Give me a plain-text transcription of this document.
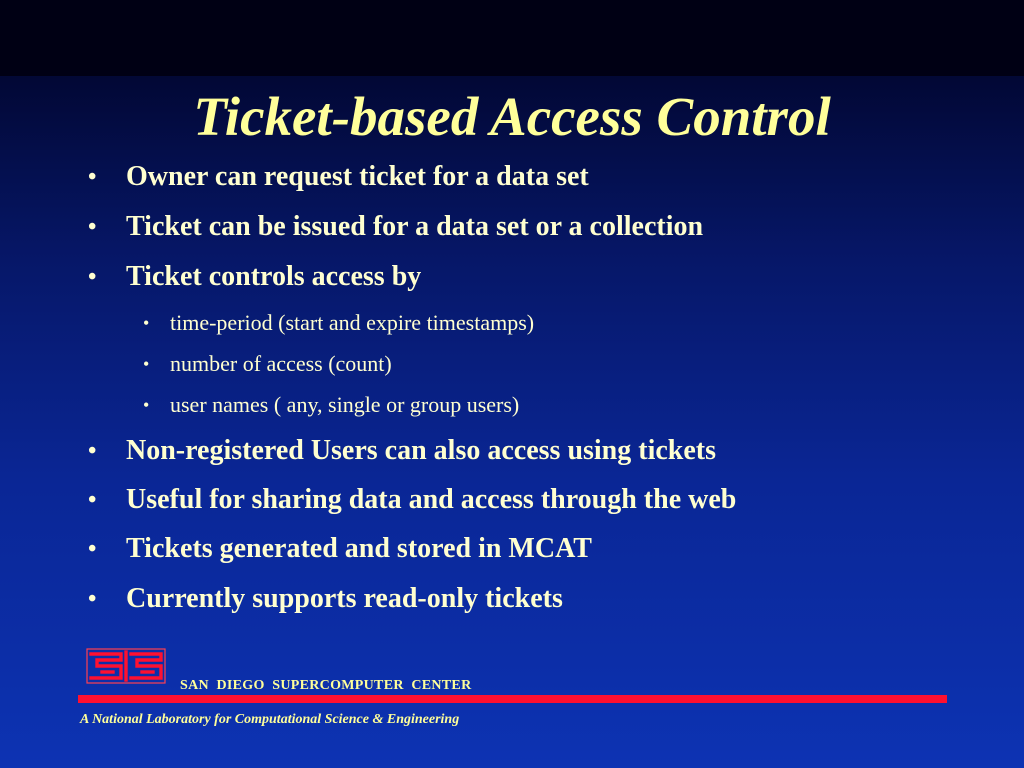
Ticket-based Access Control
• Owner can request ticket for a data set
• Ticket can be issued for a data set or a collection
• Ticket controls access by
• time-period (start and expire timestamps)
• number of access (count)
• user names ( any, single or group users)
• Non-registered Users can also access using tickets
• Useful for sharing data and access through the web
• Tickets generated and stored in MCAT
• Currently supports read-only tickets
SAN  DIEGO  SUPERCOMPUTER  CENTER
A National Laboratory for Computational Science & Engineering
